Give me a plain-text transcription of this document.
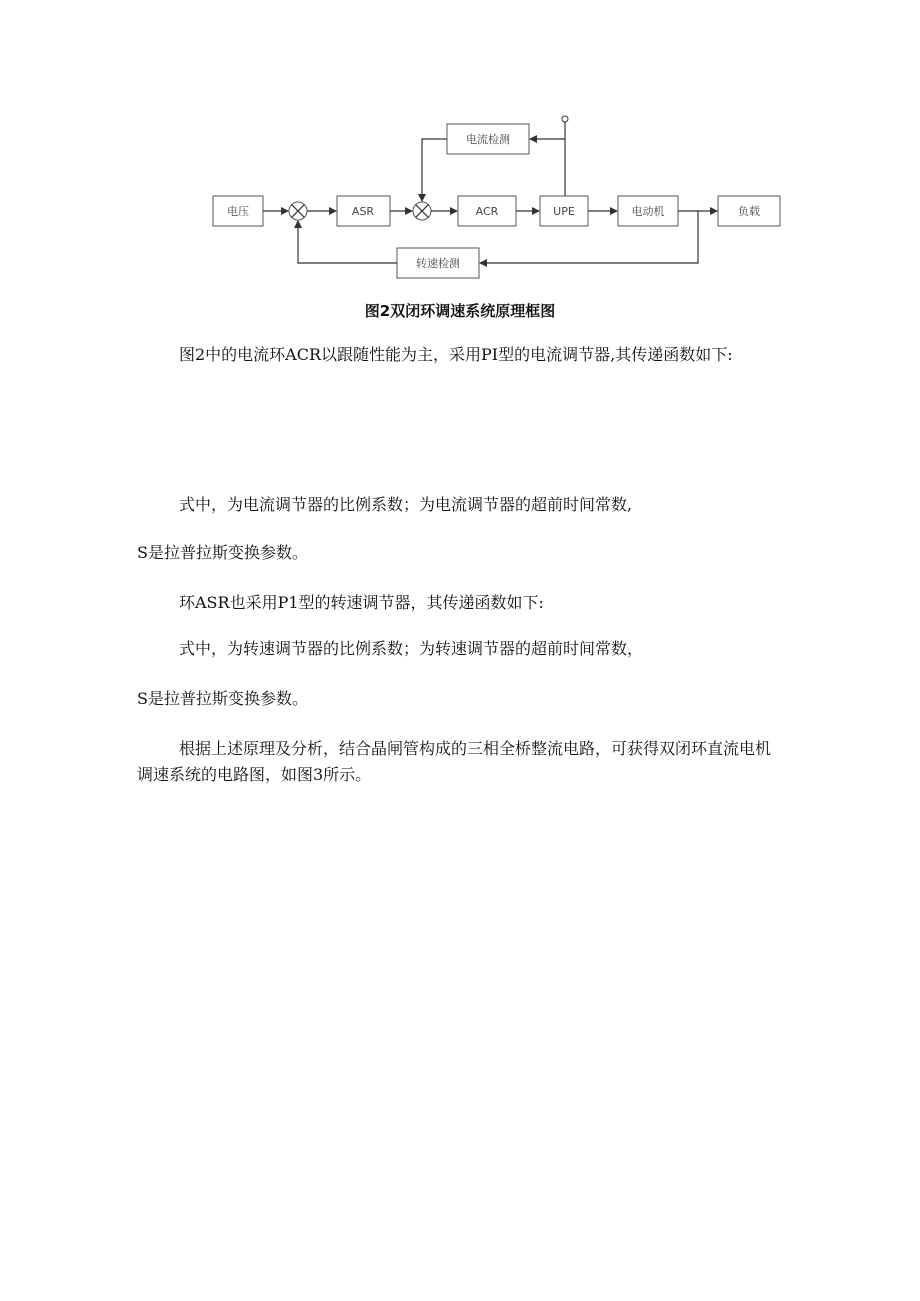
电压	ASR	ACR	UPE	电动机	负载
电流检测
转速检测
图2双闭环调速系统原理框图

图2中的电流环ACR以跟随性能为主，采用PI型的电流调节器,其传递函数如下:

式中，为电流调节器的比例系数；为电流调节器的超前时间常数,

S是拉普拉斯变换参数。

环ASR也采用P1型的转速调节器，其传递函数如下:

式中，为转速调节器的比例系数；为转速调节器的超前时间常数，

S是拉普拉斯变换参数。

根据上述原理及分析，结合晶闸管构成的三相全桥整流电路，可获得双闭环直流电机调速系统的电路图，如图3所示。
